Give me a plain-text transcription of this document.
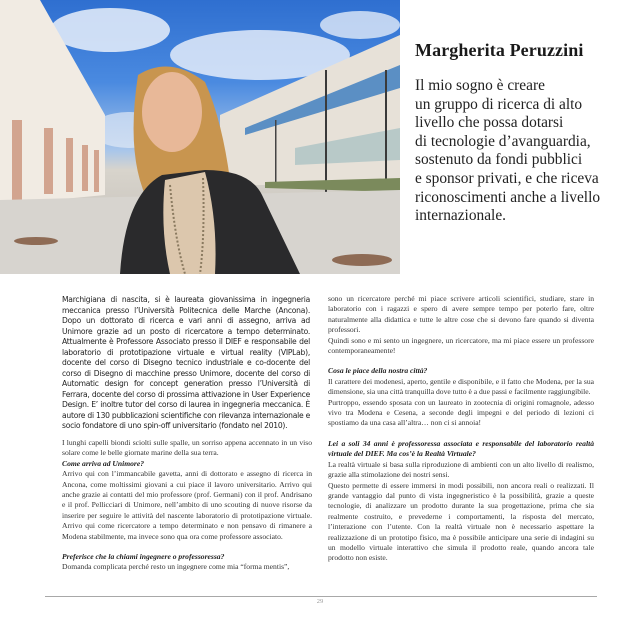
Margherita Peruzzini
Il mio sogno è creare
un gruppo di ricerca di alto
livello che possa dotarsi
di tecnologie d’avanguardia,
sostenuto da fondi pubblici
e sponsor privati, e che riceva
riconoscimenti anche a livello
internazionale.

Marchigiana di nascita, si è laureata giovanissima in ingegneria meccanica presso l’Università Politecnica delle Marche (Ancona). Dopo un dottorato di ricerca e vari anni di assegno, arriva ad Unimore grazie ad un posto di ricercatore a tempo determinato. Attualmente è Professore Associato presso il DIEF e responsabile del laboratorio di prototipazione virtuale e virtual reality (VIPLab), docente del corso di Disegno tecnico industriale e co-docente del corso di Disegno di macchine presso Unimore, docente del corso di Automatic design for concept generation presso l’Università di Ferrara, docente del corso di prossima attivazione in User Experience Design. E’ inoltre tutor del corso di laurea in ingegneria meccanica. È autore di 130 pubblicazioni scientifiche con rilevanza internazionale e socio fondatore di uno spin-off universitario (fondato nel 2010).

I lunghi capelli biondi sciolti sulle spalle, un sorriso appena accennato in un viso solare come le belle giornate marine della sua terra.

Come arriva ad Unimore?

Arrivo qui con l’immancabile gavetta, anni di dottorato e assegno di ricerca in Ancona, come moltissimi giovani a cui piace il lavoro universitario. Arrivo qui anche grazie ai contatti del mio professore (prof. Germani) con il prof. Andrisano e il prof. Pellicciari di Unimore, nell’ambito di uno scouting di nuove risorse da inserire per seguire le attività del nascente laboratorio di prototipazione virtuale. Arrivo qui come ricercatore a tempo determinato e non pensavo di rimanere a Modena stabilmente, ma invece sono qua ora come professore associato.

Preferisce che la chiami ingegnere o professoressa?

Domanda complicata perché resto un ingegnere come mia “forma mentis”,

sono un ricercatore perché mi piace scrivere articoli scientifici, studiare, stare in laboratorio con i ragazzi e spero di avere sempre tempo per poterlo fare, oltre naturalmente alla didattica e tutte le altre cose che si devono fare quando si diventa professori.

Quindi sono e mi sento un ingegnere, un ricercatore, ma mi piace essere un professore contemporaneamente!

Cosa le piace della nostra città?

Il carattere dei modenesi, aperto, gentile e disponibile, e il fatto che Modena, per la sua dimensione, sia una città tranquilla dove tutto è a due passi e facilmente raggiungibile.

Purtroppo, essendo sposata con un laureato in zootecnia di origini romagnole, adesso vivo tra Modena e Cesena, a seconde degli impegni e del periodo di lezioni ci spostiamo da una casa all’altra… non ci si annoia!

Lei a soli 34 anni è professoressa associata e responsabile del laboratorio realtà virtuale del DIEF. Ma cos’è la Realtà Virtuale?

La realtà virtuale si basa sulla riproduzione di ambienti con un alto livello di realismo, grazie alla stimolazione dei nostri sensi.

Questo permette di essere immersi in modi possibili, non ancora reali o realizzati. Il grande vantaggio dal punto di vista ingegneristico è la possibilità, grazie a queste tecnologie, di analizzare un prodotto durante la sua progettazione, prima che sia realmente costruito, e prevederne i comportamenti, la risposta del mercato, l’interazione con l’utente. Con la realtà virtuale non è necessario aspettare la realizzazione di un prototipo fisico, ma è possibile anticipare una serie di indagini su un modello virtuale interattivo che simula il prodotto reale, quando ancora tale prodotto non esiste.

29
